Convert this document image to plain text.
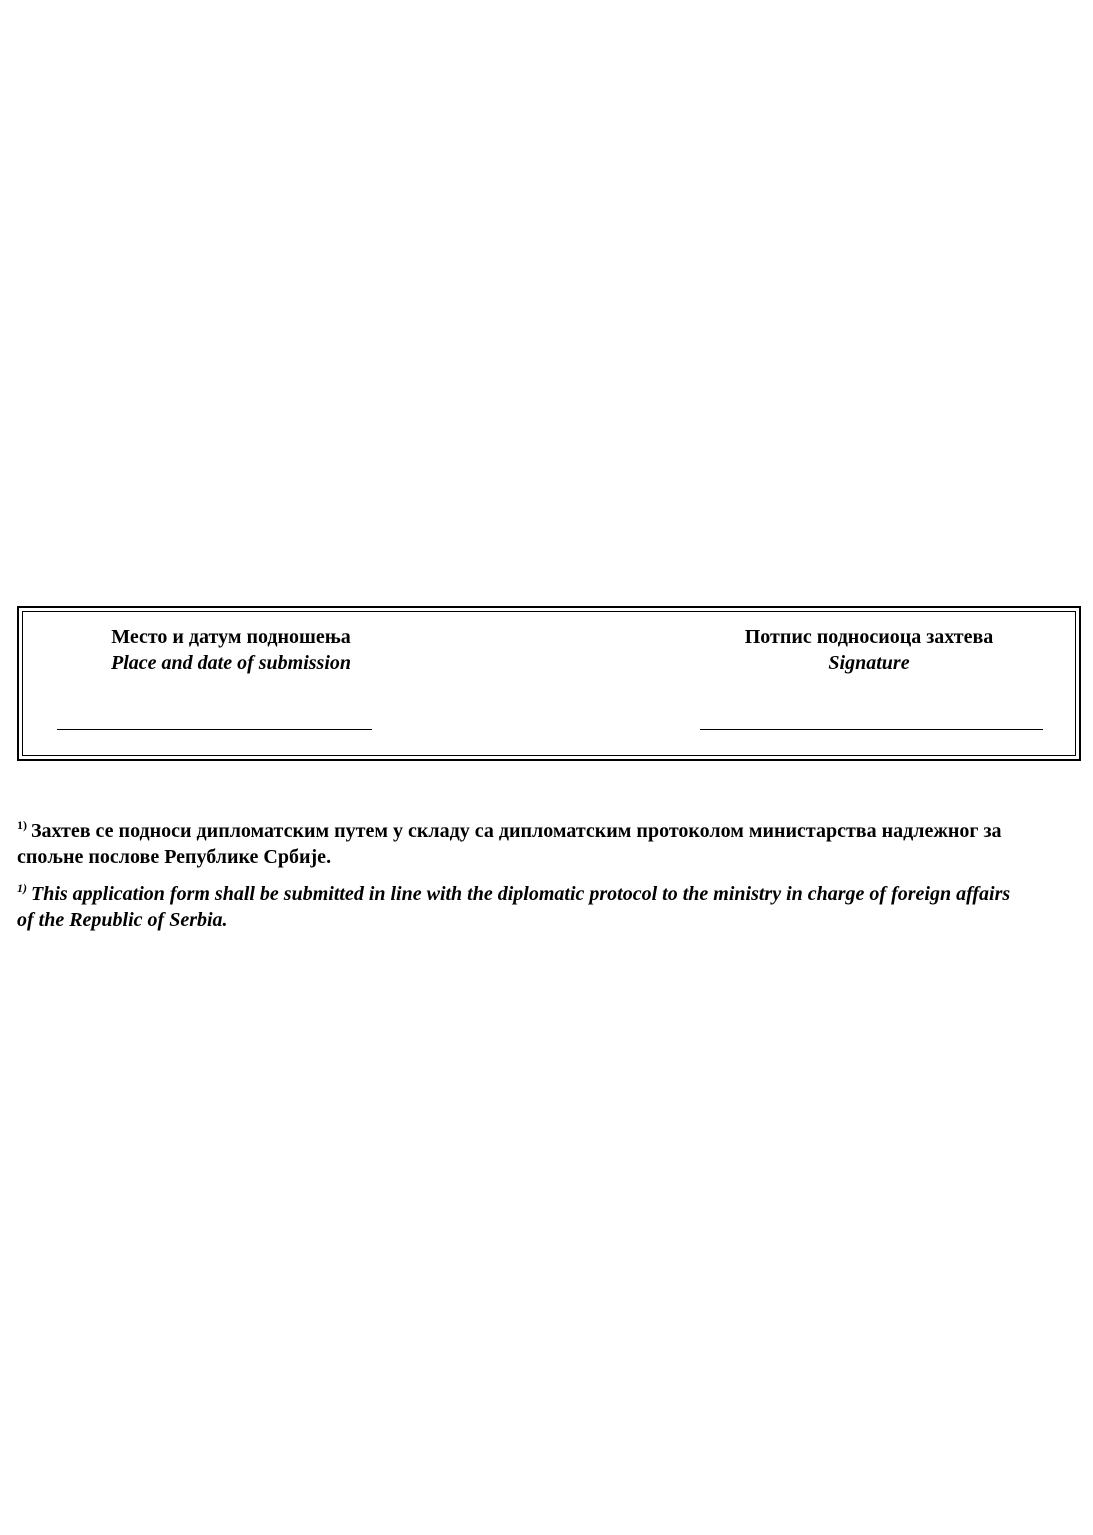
Место и датум подношења
Place and date of submission
Потпис подносиоца захтева
Signature
$^{1)}$ Захтев се подноси дипломатским путем у складу са дипломатским протоколом министарства надлежног за спољне послове Републике Србије.
$^{1)}$ This application form shall be submitted in line with the diplomatic protocol to the ministry in charge of foreign affairs of the Republic of Serbia.
